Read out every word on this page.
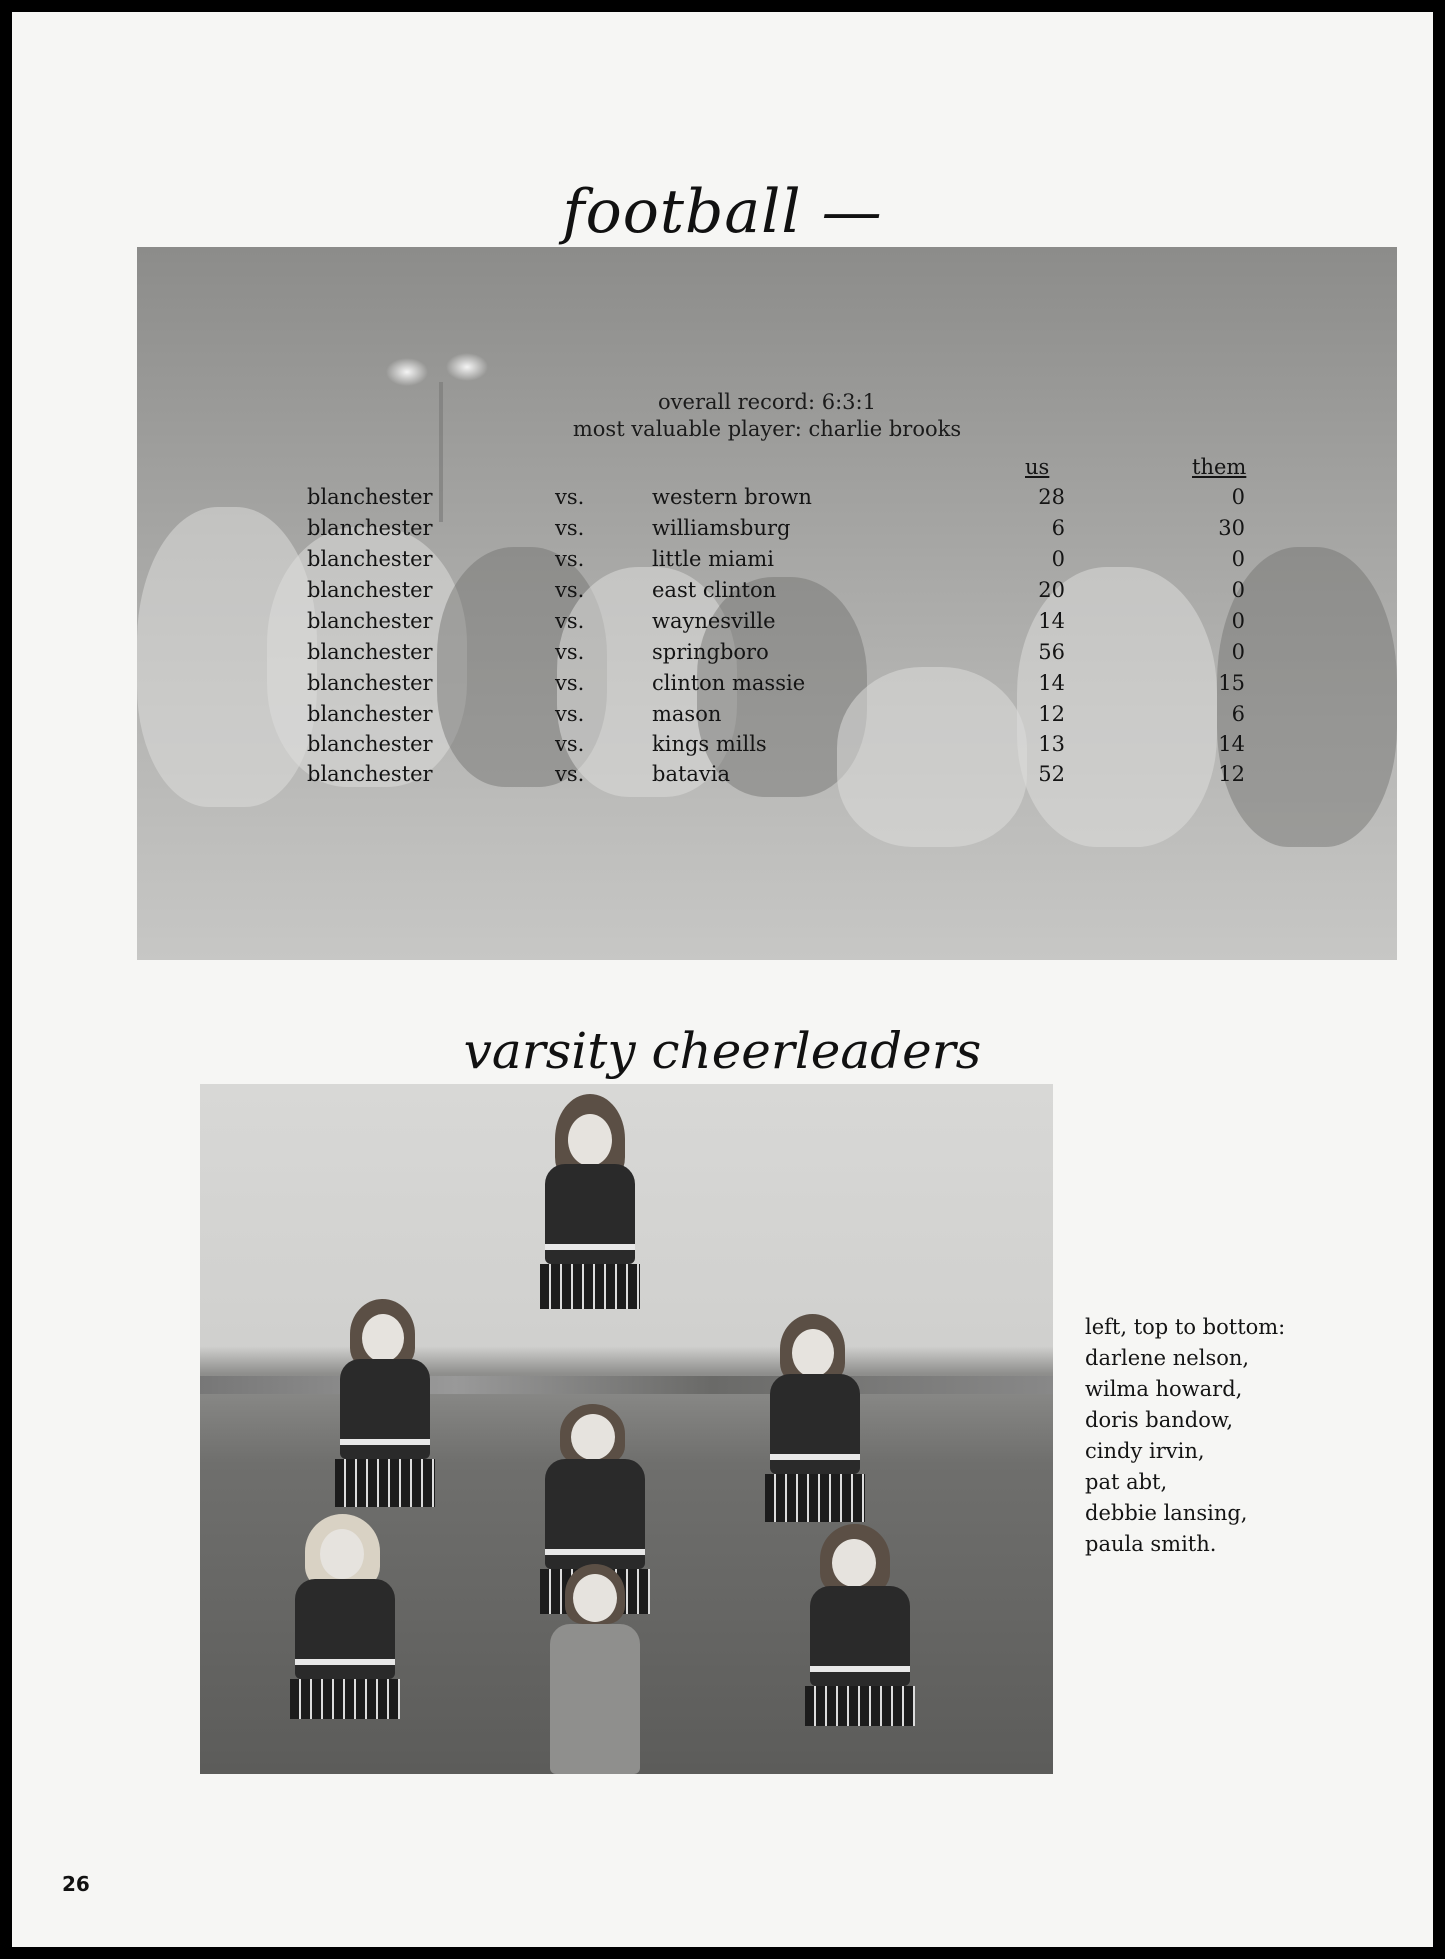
football —
overall record: 6:3:1
most valuable player: charlie brooks
us	them
blanchester	vs.	western brown	28	0
blanchester	vs.	williamsburg	6	30
blanchester	vs.	little miami	0	0
blanchester	vs.	east clinton	20	0
blanchester	vs.	waynesville	14	0
blanchester	vs.	springboro	56	0
blanchester	vs.	clinton massie	14	15
blanchester	vs.	mason	12	6
blanchester	vs.	kings mills	13	14
blanchester	vs.	batavia	52	12
varsity cheerleaders
left, top to bottom:
darlene nelson,
wilma howard,
doris bandow,
cindy irvin,
pat abt,
debbie lansing,
paula smith.
26
